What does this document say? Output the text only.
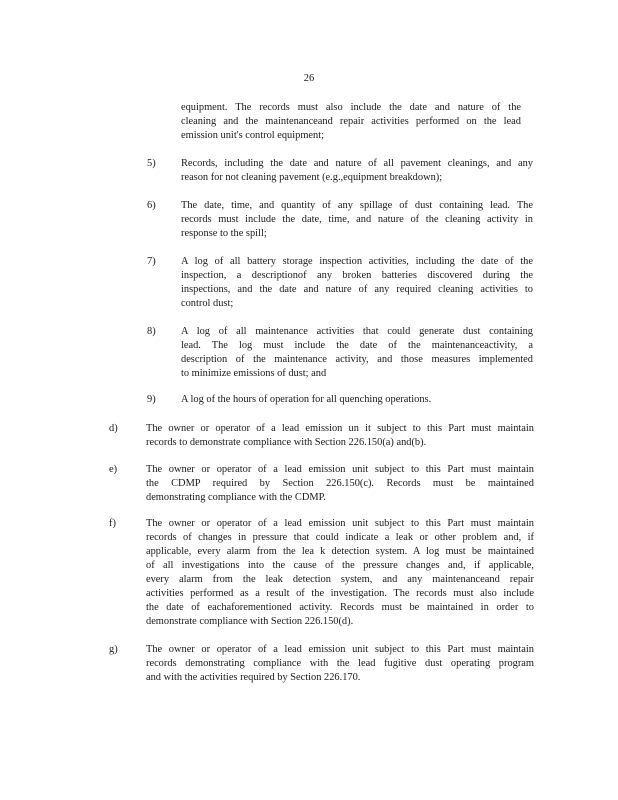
26
equipment. The records must also include the date and nature of the
cleaning and the maintenanceand repair activities performed on the lead
emission unit's control equipment;
5) Records, including the date and nature of all pavement cleanings, and any
reason for not cleaning pavement (e.g.,equipment breakdown);
6) The date, time, and quantity of any spillage of dust containing lead. The
records must include the date, time, and nature of the cleaning activity in
response to the spill;
7) A log of all battery storage inspection activities, including the date of the
inspection, a descriptionof any broken batteries discovered during the
inspections, and the date and nature of any required cleaning activities to
control dust;
8) A log of all maintenance activities that could generate dust containing
lead. The log must include the date of the maintenanceactivity, a
description of the maintenance activity, and those measures implemented
to minimize emissions of dust; and
9) A log of the hours of operation for all quenching operations.
d)	The owner or operator of a lead emission un it subject to this Part must maintain
records to demonstrate compliance with Section 226.150(a) and(b).
e)	The owner or operator of a lead emission unit subject to this Part must maintain
the CDMP required by Section 226.150(c). Records must be maintained
demonstrating compliance with the CDMP.
f)	The owner or operator of a lead emission unit subject to this Part must maintain
records of changes in pressure that could indicate a leak or other problem and, if
applicable, every alarm from the lea k detection system. A log must be maintained
of all investigations into the cause of the pressure changes and, if applicable,
every alarm from the leak detection system, and any maintenanceand repair
activities performed as a result of the investigation. The records must also include
the date of eachaforementioned activity. Records must be maintained in order to
demonstrate compliance with Section 226.150(d).
g)	The owner or operator of a lead emission unit subject to this Part must maintain
records demonstrating compliance with the lead fugitive dust operating program
and with the activities required by Section 226.170.
